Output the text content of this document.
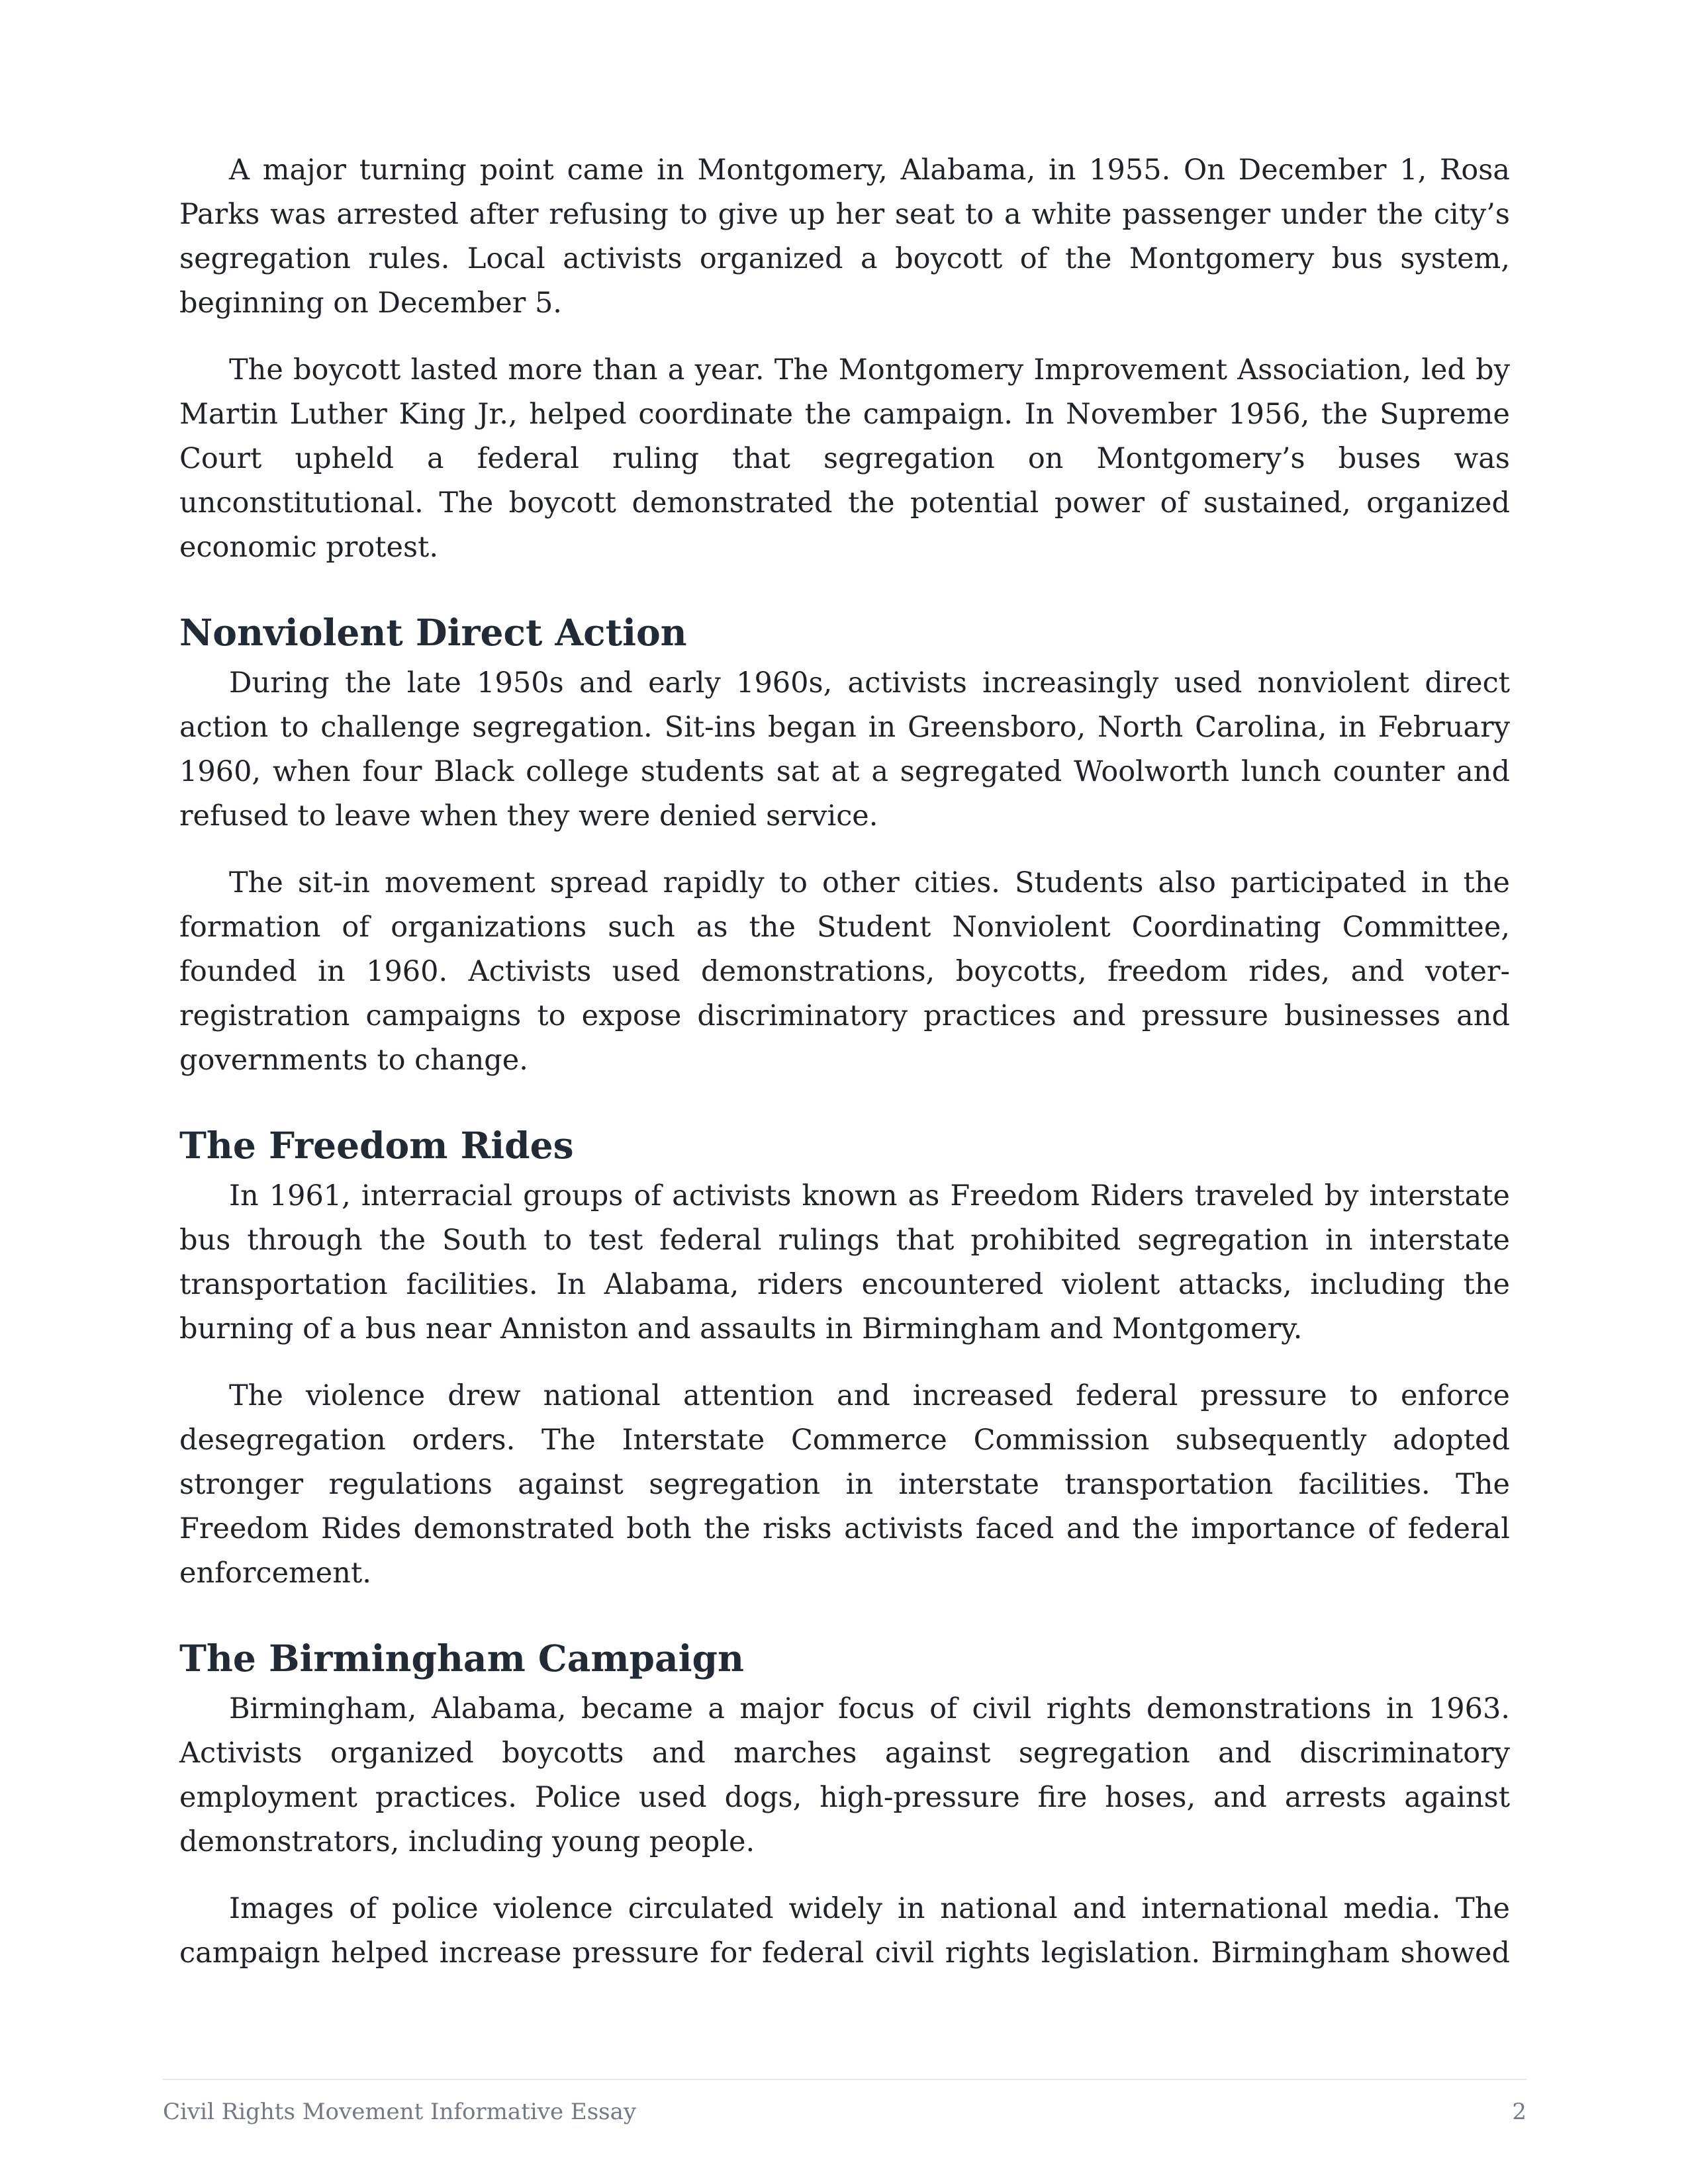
A major turning point came in Montgomery, Alabama, in 1955. On December 1, Rosa Parks was arrested after refusing to give up her seat to a white passenger under the city’s segregation rules. Local activists organized a boycott of the Montgomery bus system, beginning on December 5.

The boycott lasted more than a year. The Montgomery Improvement Association, led by Martin Luther King Jr., helped coordinate the campaign. In November 1956, the Supreme Court upheld a federal ruling that segregation on Montgomery’s buses was unconstitutional. The boycott demonstrated the potential power of sustained, organized economic protest.

Nonviolent Direct Action

During the late 1950s and early 1960s, activists increasingly used nonviolent direct action to challenge segregation. Sit-ins began in Greensboro, North Carolina, in February 1960, when four Black college students sat at a segregated Woolworth lunch counter and refused to leave when they were denied service.

The sit-in movement spread rapidly to other cities. Students also participated in the formation of organizations such as the Student Nonviolent Coordinating Committee, founded in 1960. Activists used demonstrations, boycotts, freedom rides, and voter-registration campaigns to expose discriminatory practices and pressure businesses and governments to change.

The Freedom Rides

In 1961, interracial groups of activists known as Freedom Riders traveled by interstate bus through the South to test federal rulings that prohibited segregation in interstate transportation facilities. In Alabama, riders encountered violent attacks, including the burning of a bus near Anniston and assaults in Birmingham and Montgomery.

The violence drew national attention and increased federal pressure to enforce desegregation orders. The Interstate Commerce Commission subsequently adopted stronger regulations against segregation in interstate transportation facilities. The Freedom Rides demonstrated both the risks activists faced and the importance of federal enforcement.

The Birmingham Campaign

Birmingham, Alabama, became a major focus of civil rights demonstrations in 1963. Activists organized boycotts and marches against segregation and discriminatory employment practices. Police used dogs, high-pressure fire hoses, and arrests against demonstrators, including young people.

Images of police violence circulated widely in national and international media. The campaign helped increase pressure for federal civil rights legislation. Birmingham showed

Civil Rights Movement Informative Essay	2
